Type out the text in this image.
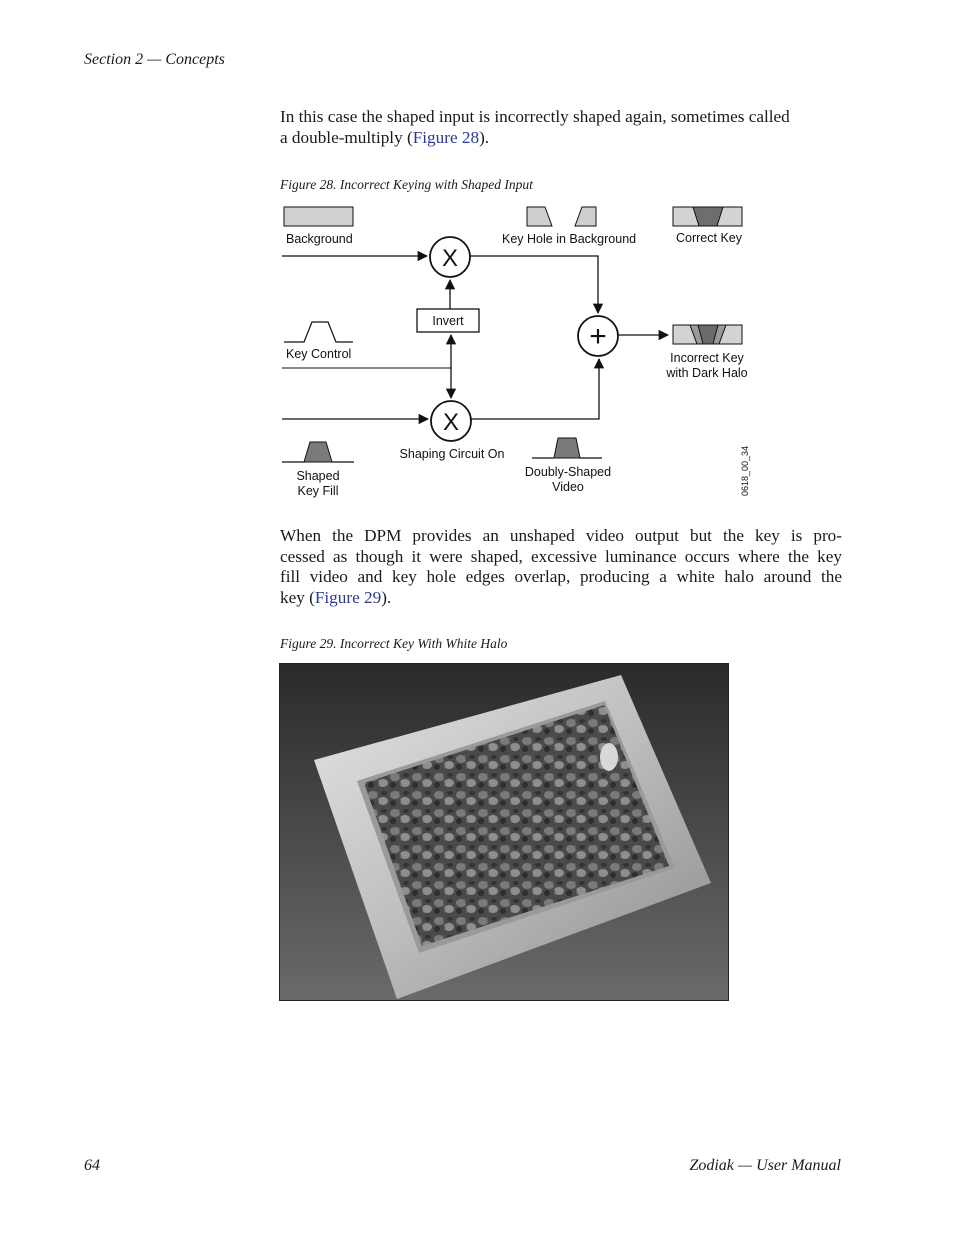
Section 2 — Concepts

In this case the shaped input is incorrectly shaped again, sometimes called
a double-multiply (Figure 28).

Figure 28. Incorrect Keying with Shaped Input
Background	Key Hole in Background	Correct Key
X
X
+
Invert
Key Control	Incorrect Key
with Dark Halo
Shaping Circuit On
Shaped
Key Fill
Doubly-Shaped
Video	0618_00_34

When the DPM provides an unshaped video output but the key is pro-
cessed as though it were shaped, excessive luminance occurs where the key
fill video and key hole edges overlap, producing a white halo around the
key (Figure 29).

Figure 29. Incorrect Key With White Halo
64	Zodiak — User Manual
